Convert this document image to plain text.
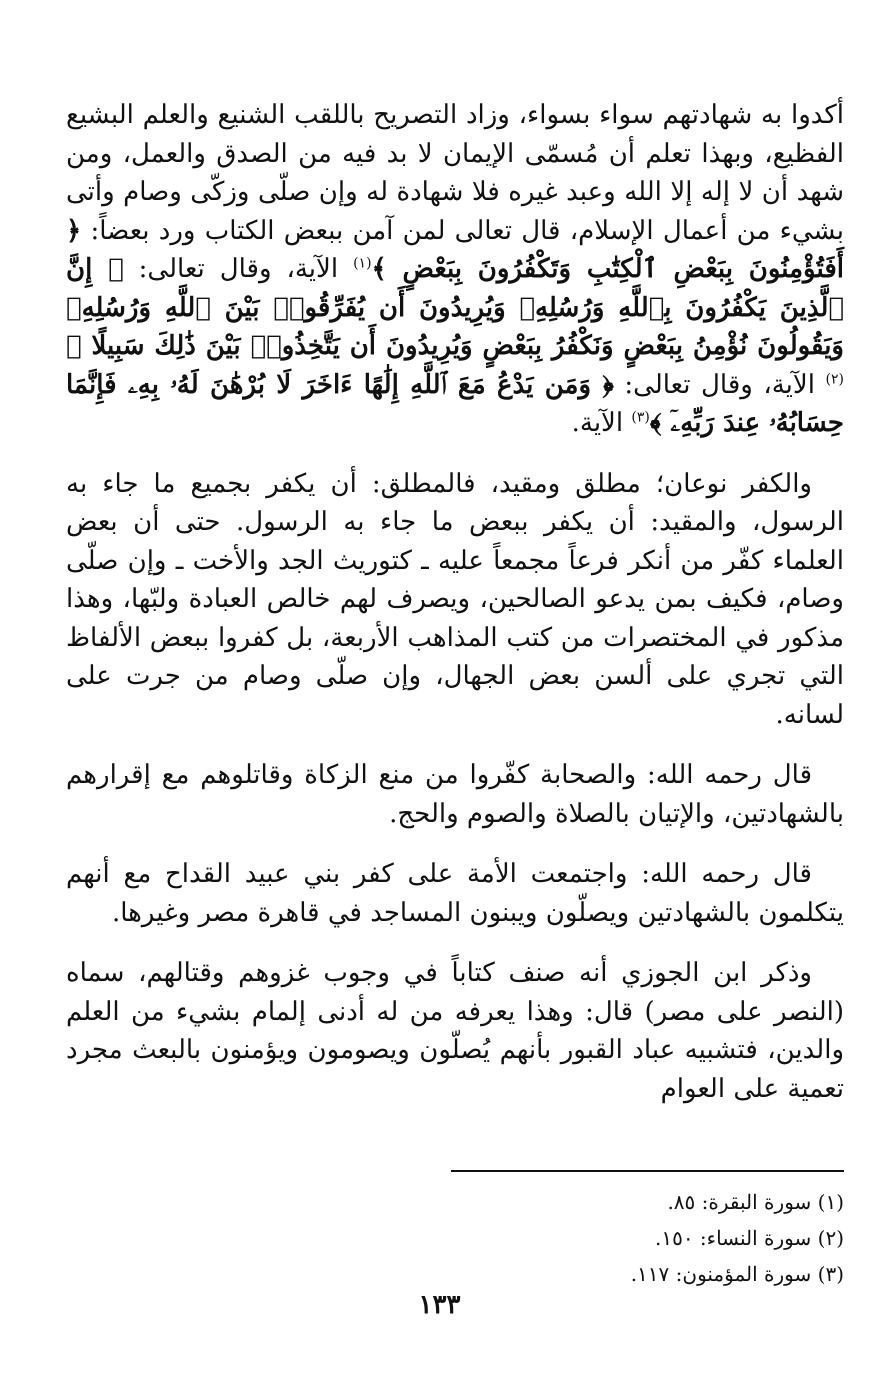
أكدوا به شهادتهم سواء بسواء، وزاد التصريح باللقب الشنيع والعلم البشيع الفظيع، وبهذا تعلم أن مُسمّى الإيمان لا بد فيه من الصدق والعمل، ومن شهد أن لا إله إلا الله وعبد غيره فلا شهادة له وإن صلّى وزكّى وصام وأتى بشيء من أعمال الإسلام، قال تعالى لمن آمن ببعض الكتاب ورد بعضاً: ﴿ أَفَتُؤْمِنُونَ بِبَعْضِ ٱلْكِتَٰبِ وَتَكْفُرُونَ بِبَعْضٍ ﴾$^{(١)}$ الآية، وقال تعالى: ﴿ إِنَّ ٱلَّذِينَ يَكْفُرُونَ بِٱللَّهِ وَرُسُلِهِۦ وَيُرِيدُونَ أَن يُفَرِّقُوا۟ بَيْنَ ٱللَّهِ وَرُسُلِهِۦ وَيَقُولُونَ نُؤْمِنُ بِبَعْضٍ وَنَكْفُرُ بِبَعْضٍ وَيُرِيدُونَ أَن يَتَّخِذُوا۟ بَيْنَ ذَٰلِكَ سَبِيلًا ﴾$^{(٢)}$ الآية، وقال تعالى: ﴿ وَمَن يَدْعُ مَعَ ٱللَّهِ إِلَٰهًا ءَاخَرَ لَا بُرْهَٰنَ لَهُۥ بِهِۦ فَإِنَّمَا حِسَابُهُۥ عِندَ رَبِّهِۦٓ ﴾$^{(٣)}$ الآية.

والكفر نوعان؛ مطلق ومقيد، فالمطلق: أن يكفر بجميع ما جاء به الرسول، والمقيد: أن يكفر ببعض ما جاء به الرسول. حتى أن بعض العلماء كفّر من أنكر فرعاً مجمعاً عليه ـ كتوريث الجد والأخت ـ وإن صلّى وصام، فكيف بمن يدعو الصالحين، ويصرف لهم خالص العبادة ولبّها، وهذا مذكور في المختصرات من كتب المذاهب الأربعة، بل كفروا ببعض الألفاظ التي تجري على ألسن بعض الجهال، وإن صلّى وصام من جرت على لسانه.

قال رحمه الله: والصحابة كفّروا من منع الزكاة وقاتلوهم مع إقرارهم بالشهادتين، والإتيان بالصلاة والصوم والحج.

قال رحمه الله: واجتمعت الأمة على كفر بني عبيد القداح مع أنهم يتكلمون بالشهادتين ويصلّون ويبنون المساجد في قاهرة مصر وغيرها.

وذكر ابن الجوزي أنه صنف كتاباً في وجوب غزوهم وقتالهم، سماه (النصر على مصر) قال: وهذا يعرفه من له أدنى إلمام بشيء من العلم والدين، فتشبيه عباد القبور بأنهم يُصلّون ويصومون ويؤمنون بالبعث مجرد تعمية على العوام

(١) سورة البقرة: ٨٥.
(٢) سورة النساء: ١٥٠.
(٣) سورة المؤمنون: ١١٧.
١٣٣
